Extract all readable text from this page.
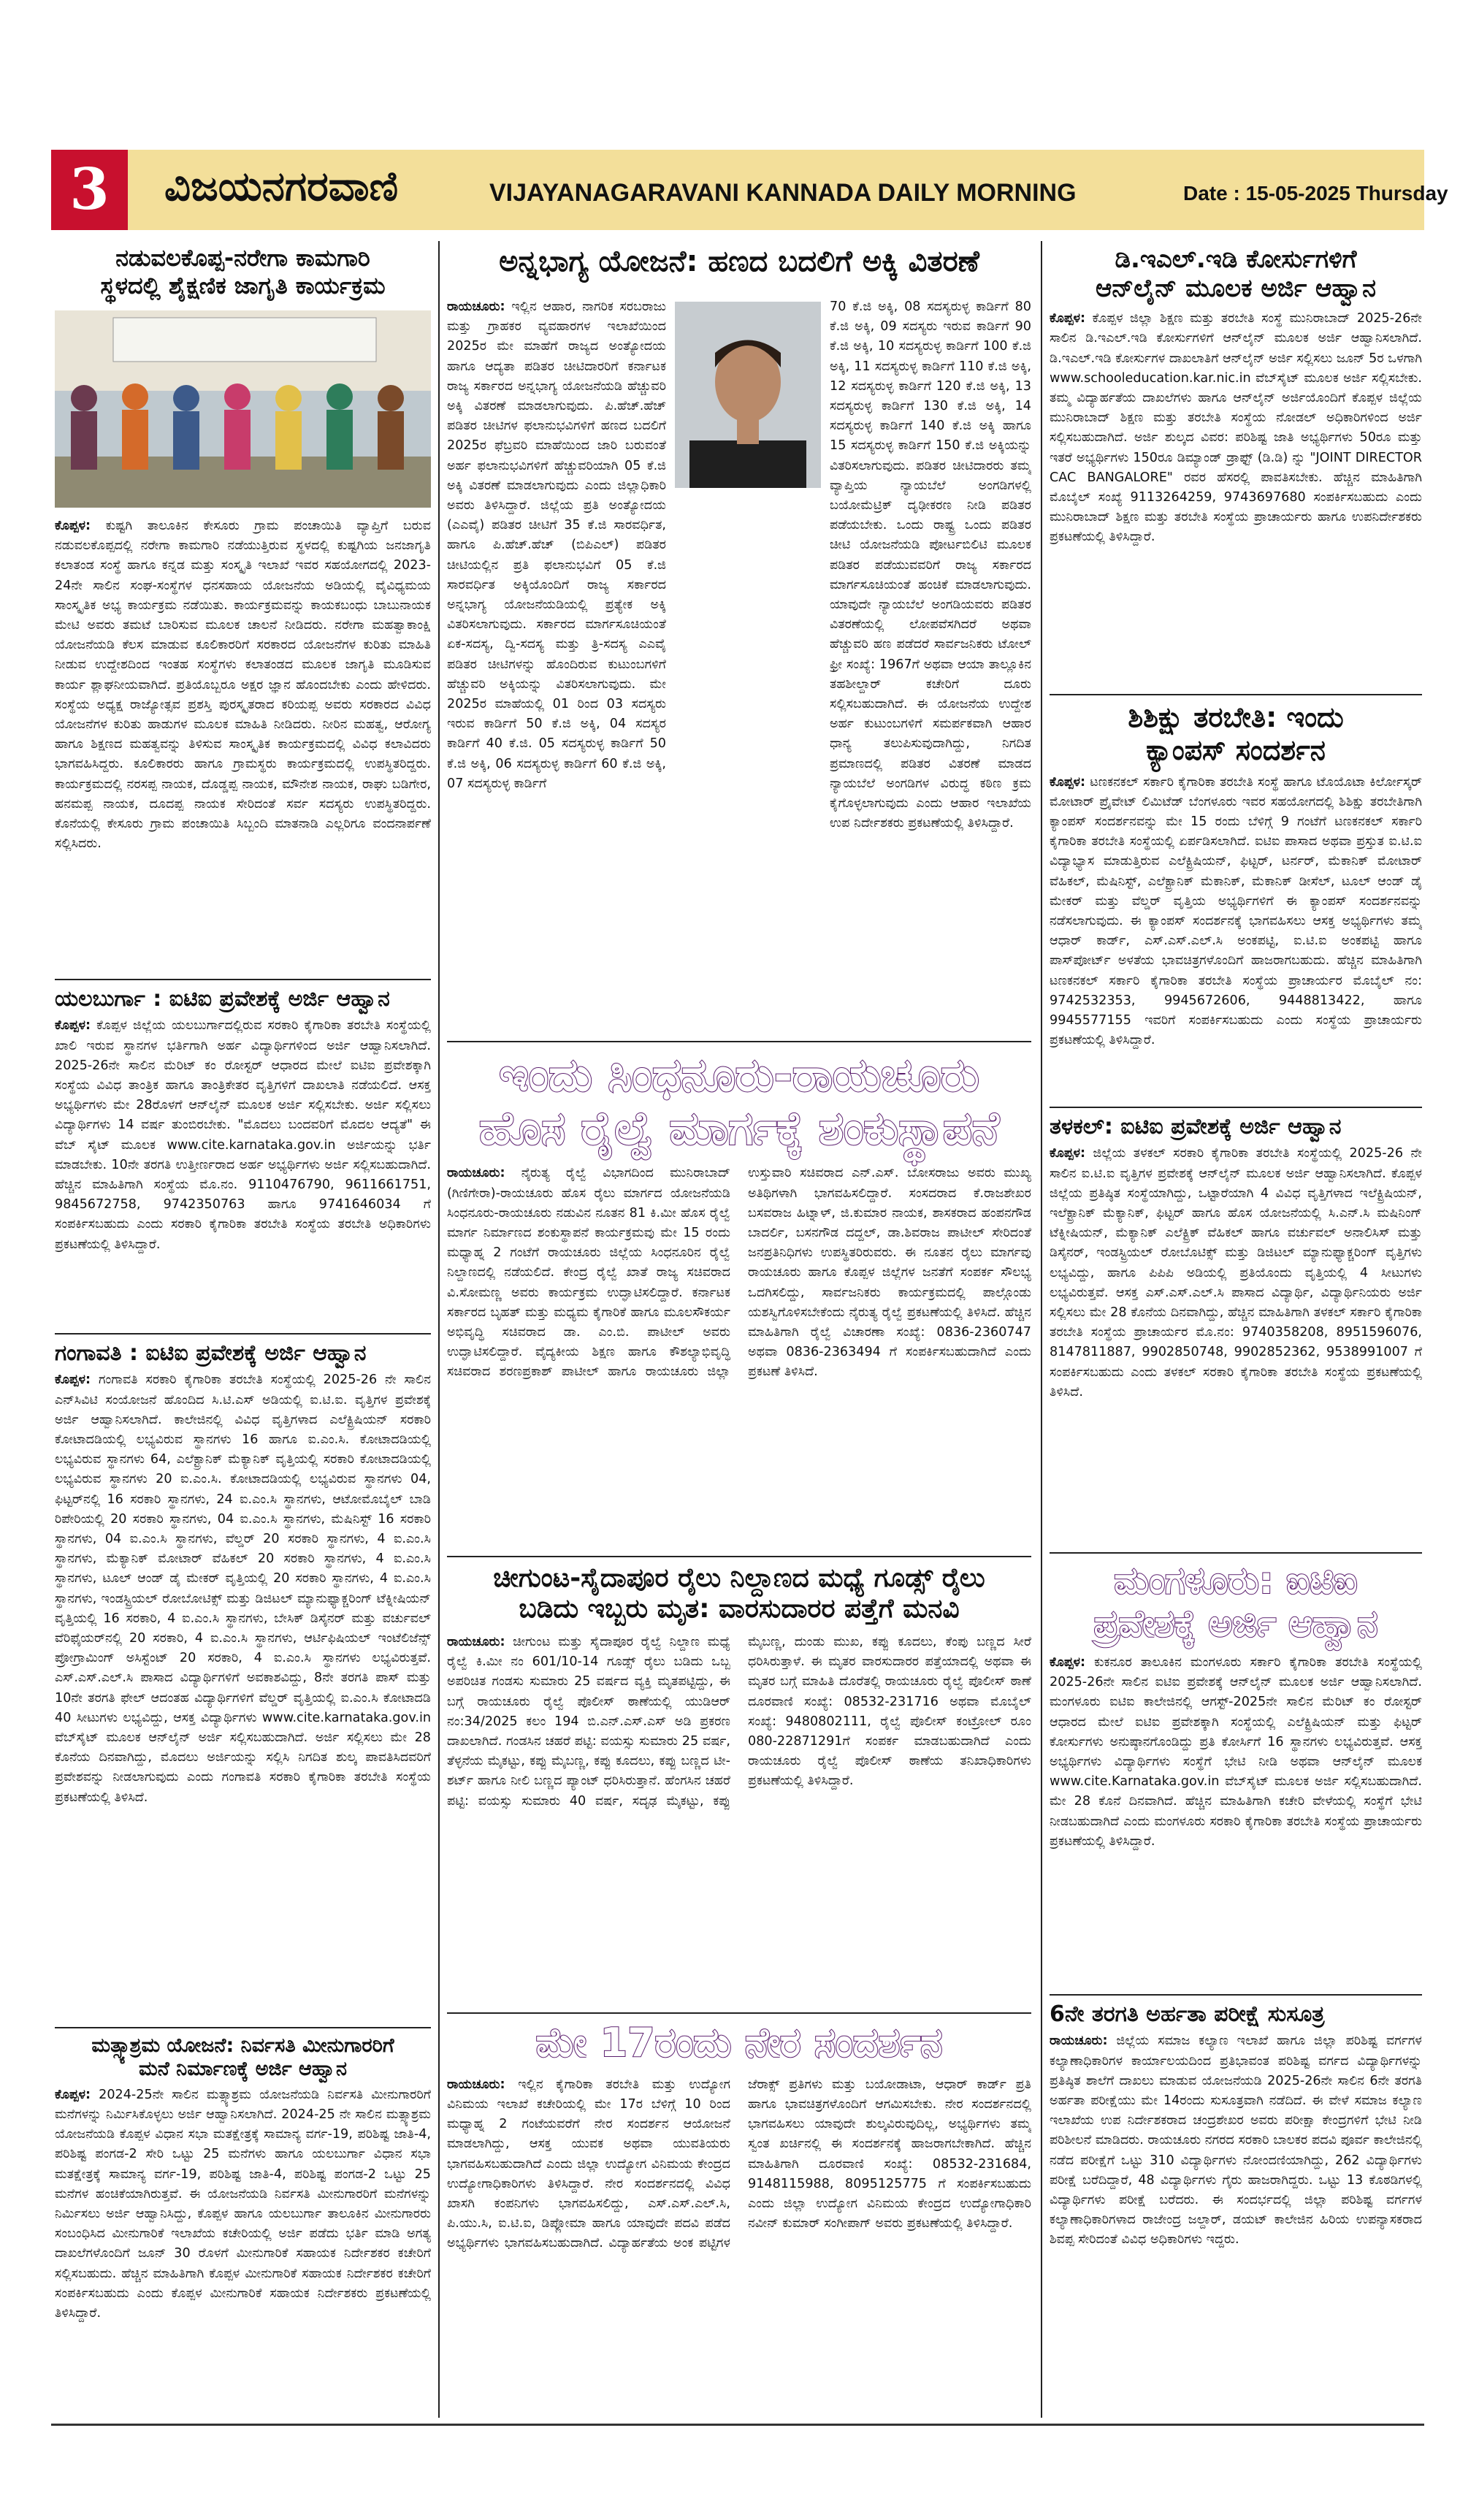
3	ವಿಜಯನಗರವಾಣಿ	VIJAYANAGARAVANI KANNADA DAILY MORNING	Date : 15-05-2025 Thursday
ನಡುವಲಕೊಪ್ಪ-ನರೇಗಾ ಕಾಮಗಾರಿ
ಸ್ಥಳದಲ್ಲಿ ಶೈಕ್ಷಣಿಕ ಜಾಗೃತಿ ಕಾರ್ಯಕ್ರಮ

ಕೊಪ್ಪಳ: ಕುಷ್ಟಗಿ ತಾಲೂಕಿನ ಕೇಸೂರು ಗ್ರಾಮ ಪಂಚಾಯಿತಿ ವ್ಯಾಪ್ತಿಗೆ ಬರುವ ನಡುವಲಕೊಪ್ಪದಲ್ಲಿ ನರೇಗಾ ಕಾಮಗಾರಿ ನಡೆಯುತ್ತಿರುವ ಸ್ಥಳದಲ್ಲಿ ಕುಷ್ಟಗಿಯ ಜನಜಾಗೃತಿ ಕಲಾತಂಡ ಸಂಸ್ಥೆ ಹಾಗೂ ಕನ್ನಡ ಮತ್ತು ಸಂಸ್ಕೃತಿ ಇಲಾಖೆ ಇವರ ಸಹಯೋಗದಲ್ಲಿ 2023-24ನೇ ಸಾಲಿನ ಸಂಘ-ಸಂಸ್ಥೆಗಳ ಧನಸಹಾಯ ಯೋಜನೆಯ ಅಡಿಯಲ್ಲಿ ವೈವಿಧ್ಯಮಯ ಸಾಂಸ್ಕೃತಿಕ ಅಭ್ಯ ಕಾರ್ಯಕ್ರಮ ನಡೆಯಿತು. ಕಾರ್ಯಕ್ರಮವನ್ನು ಕಾಯಕಬಂಧು ಬಾಬುನಾಯಕ ಮೇಟಿ ಅವರು ತಮಟೆ ಬಾರಿಸುವ ಮೂಲಕ ಚಾಲನೆ ನೀಡಿದರು. ನರೇಗಾ ಮಹತ್ವಾಕಾಂಕ್ಷಿ ಯೋಜನೆಯಡಿ ಕೆಲಸ ಮಾಡುವ ಕೂಲಿಕಾರರಿಗೆ ಸರಕಾರದ ಯೋಜನೆಗಳ ಕುರಿತು ಮಾಹಿತಿ ನೀಡುವ ಉದ್ದೇಶದಿಂದ ಇಂತಹ ಸಂಸ್ಥೆಗಳು ಕಲಾತಂಡದ ಮೂಲಕ ಜಾಗೃತಿ ಮೂಡಿಸುವ ಕಾರ್ಯ ಶ್ಲಾಘನೀಯವಾಗಿದೆ. ಪ್ರತಿಯೊಬ್ಬರೂ ಅಕ್ಷರ ಜ್ಞಾನ ಹೊಂದಬೇಕು ಎಂದು ಹೇಳಿದರು. ಸಂಸ್ಥೆಯ ಅಧ್ಯಕ್ಷ ರಾಜ್ಯೋತ್ಸವ ಪ್ರಶಸ್ತಿ ಪುರಸ್ಕೃತರಾದ ಕರಿಯಪ್ಪ ಅವರು ಸರಕಾರದ ವಿವಿಧ ಯೋಜನೆಗಳ ಕುರಿತು ಹಾಡುಗಳ ಮೂಲಕ ಮಾಹಿತಿ ನೀಡಿದರು. ನೀರಿನ ಮಹತ್ವ, ಆರೋಗ್ಯ ಹಾಗೂ ಶಿಕ್ಷಣದ ಮಹತ್ವವನ್ನು ತಿಳಿಸುವ ಸಾಂಸ್ಕೃತಿಕ ಕಾರ್ಯಕ್ರಮದಲ್ಲಿ ವಿವಿಧ ಕಲಾವಿದರು ಭಾಗವಹಿಸಿದ್ದರು. ಕೂಲಿಕಾರರು ಹಾಗೂ ಗ್ರಾಮಸ್ಥರು ಕಾರ್ಯಕ್ರಮದಲ್ಲಿ ಉಪಸ್ಥಿತರಿದ್ದರು. ಕಾರ್ಯಕ್ರಮದಲ್ಲಿ ನರಸಪ್ಪ ನಾಯಕ, ದೊಡ್ಡಪ್ಪ ನಾಯಕ, ಮೌನೇಶ ನಾಯಕ, ರಾಘು ಬಡಿಗೇರ, ಹನಮಪ್ಪ ನಾಯಕ, ದೂದಪ್ಪ ನಾಯಕ ಸೇರಿದಂತೆ ಸರ್ವ ಸದಸ್ಯರು ಉಪಸ್ಥಿತರಿದ್ದರು. ಕೊನೆಯಲ್ಲಿ ಕೇಸೂರು ಗ್ರಾಮ ಪಂಚಾಯಿತಿ ಸಿಬ್ಬಂದಿ ಮಾತನಾಡಿ ಎಲ್ಲರಿಗೂ ವಂದನಾರ್ಪಣೆ ಸಲ್ಲಿಸಿದರು.

ಯಲಬುರ್ಗಾ : ಐಟಿಐ ಪ್ರವೇಶಕ್ಕೆ ಅರ್ಜಿ ಆಹ್ವಾನ

ಕೊಪ್ಪಳ: ಕೊಪ್ಪಳ ಜಿಲ್ಲೆಯ ಯಲಬುರ್ಗಾದಲ್ಲಿರುವ ಸರಕಾರಿ ಕೈಗಾರಿಕಾ ತರಬೇತಿ ಸಂಸ್ಥೆಯಲ್ಲಿ ಖಾಲಿ ಇರುವ ಸ್ಥಾನಗಳ ಭರ್ತಿಗಾಗಿ ಅರ್ಹ ವಿದ್ಯಾರ್ಥಿಗಳಿಂದ ಅರ್ಜಿ ಆಹ್ವಾನಿಸಲಾಗಿದೆ. 2025-26ನೇ ಸಾಲಿನ ಮೆರಿಟ್ ಕಂ ರೋಸ್ಟರ್ ಆಧಾರದ ಮೇಲೆ ಐಟಿಐ ಪ್ರವೇಶಕ್ಕಾಗಿ ಸಂಸ್ಥೆಯ ವಿವಿಧ ತಾಂತ್ರಿಕ ಹಾಗೂ ತಾಂತ್ರಿಕೇತರ ವೃತ್ತಿಗಳಿಗೆ ದಾಖಲಾತಿ ನಡೆಯಲಿದೆ. ಆಸಕ್ತ ಅಭ್ಯರ್ಥಿಗಳು ಮೇ 28ರೊಳಗೆ ಆನ್‌ಲೈನ್ ಮೂಲಕ ಅರ್ಜಿ ಸಲ್ಲಿಸಬೇಕು. ಅರ್ಜಿ ಸಲ್ಲಿಸಲು ವಿದ್ಯಾರ್ಥಿಗಳು 14 ವರ್ಷ ತುಂಬಿರಬೇಕು. "ಮೊದಲು ಬಂದವರಿಗೆ ಮೊದಲ ಆದ್ಯತೆ" ಈ ವೆಬ್ ಸೈಟ್ ಮೂಲಕ www.cite.karnataka.gov.in ಅರ್ಜಿಯನ್ನು ಭರ್ತಿ ಮಾಡಬೇಕು. 10ನೇ ತರಗತಿ ಉತ್ತೀರ್ಣರಾದ ಅರ್ಹ ಅಭ್ಯರ್ಥಿಗಳು ಅರ್ಜಿ ಸಲ್ಲಿಸಬಹುದಾಗಿದೆ. ಹೆಚ್ಚಿನ ಮಾಹಿತಿಗಾಗಿ ಸಂಸ್ಥೆಯ ಮೊ.ನಂ. 9110476790, 9611661751, 9845672758, 9742350763 ಹಾಗೂ 9741646034 ಗೆ ಸಂಪರ್ಕಿಸಬಹುದು ಎಂದು ಸರಕಾರಿ ಕೈಗಾರಿಕಾ ತರಬೇತಿ ಸಂಸ್ಥೆಯ ತರಬೇತಿ ಅಧಿಕಾರಿಗಳು ಪ್ರಕಟಣೆಯಲ್ಲಿ ತಿಳಿಸಿದ್ದಾರೆ.

ಗಂಗಾವತಿ : ಐಟಿಐ ಪ್ರವೇಶಕ್ಕೆ ಅರ್ಜಿ ಆಹ್ವಾನ

ಕೊಪ್ಪಳ: ಗಂಗಾವತಿ ಸರಕಾರಿ ಕೈಗಾರಿಕಾ ತರಬೇತಿ ಸಂಸ್ಥೆಯಲ್ಲಿ 2025-26 ನೇ ಸಾಲಿನ ಎನ್‌ಸಿವಿಟಿ ಸಂಯೋಜನೆ ಹೊಂದಿದ ಸಿ.ಟಿ.ಎಸ್ ಅಡಿಯಲ್ಲಿ ಐ.ಟಿ.ಐ. ವೃತ್ತಿಗಳ ಪ್ರವೇಶಕ್ಕೆ ಅರ್ಜಿ ಆಹ್ವಾನಿಸಲಾಗಿದೆ. ಕಾಲೇಜಿನಲ್ಲಿ ವಿವಿಧ ವೃತ್ತಿಗಳಾದ ಎಲೆಕ್ಟ್ರಿಷಿಯನ್ ಸರಕಾರಿ ಕೋಟಾದಡಿಯಲ್ಲಿ ಲಭ್ಯವಿರುವ ಸ್ಥಾನಗಳು 16 ಹಾಗೂ ಐ.ಎಂ.ಸಿ. ಕೋಟಾದಡಿಯಲ್ಲಿ ಲಭ್ಯವಿರುವ ಸ್ಥಾನಗಳು 64, ಎಲೆಕ್ಟ್ರಾನಿಕ್ ಮೆಕ್ಯಾನಿಕ್ ವೃತ್ತಿಯಲ್ಲಿ ಸರಕಾರಿ ಕೋಟಾದಡಿಯಲ್ಲಿ ಲಭ್ಯವಿರುವ ಸ್ಥಾನಗಳು 20 ಐ.ಎಂ.ಸಿ. ಕೋಟಾದಡಿಯಲ್ಲಿ ಲಭ್ಯವಿರುವ ಸ್ಥಾನಗಳು 04, ಫಿಟ್ಟರ್‌ನಲ್ಲಿ 16 ಸರಕಾರಿ ಸ್ಥಾನಗಳು, 24 ಐ.ಎಂ.ಸಿ ಸ್ಥಾನಗಳು, ಆಟೋಮೊಬೈಲ್ ಬಾಡಿ ರಿಪೇರಿಯಲ್ಲಿ 20 ಸರಕಾರಿ ಸ್ಥಾನಗಳು, 04 ಐ.ಎಂ.ಸಿ ಸ್ಥಾನಗಳು, ಮೆಷಿನಿಸ್ಟ್ 16 ಸರಕಾರಿ ಸ್ಥಾನಗಳು, 04 ಐ.ಎಂ.ಸಿ ಸ್ಥಾನಗಳು, ವೆಲ್ಡರ್ 20 ಸರಕಾರಿ ಸ್ಥಾನಗಳು, 4 ಐ.ಎಂ.ಸಿ ಸ್ಥಾನಗಳು, ಮೆಕ್ಯಾನಿಕ್ ಮೋಟಾರ್ ವೆಹಿಕಲ್ 20 ಸರಕಾರಿ ಸ್ಥಾನಗಳು, 4 ಐ.ಎಂ.ಸಿ ಸ್ಥಾನಗಳು, ಟೂಲ್ ಆಂಡ್ ಡೈ ಮೇಕರ್ ವೃತ್ತಿಯಲ್ಲಿ 20 ಸರಕಾರಿ ಸ್ಥಾನಗಳು, 4 ಐ.ಎಂ.ಸಿ ಸ್ಥಾನಗಳು, ಇಂಡಸ್ಟ್ರಿಯಲ್ ರೋಬೋಟಿಕ್ಸ್ ಮತ್ತು ಡಿಜಿಟಲ್ ಮ್ಯಾನುಫ್ಯಾಕ್ಚರಿಂಗ್ ಟೆಕ್ನೀಷಿಯನ್ ವೃತ್ತಿಯಲ್ಲಿ 16 ಸರಕಾರಿ, 4 ಐ.ಎಂ.ಸಿ ಸ್ಥಾನಗಳು, ಬೇಸಿಕ್ ಡಿಸೈನರ್ ಮತ್ತು ವರ್ಚುವಲ್ ವೆರಿಫೈಯರ್‌ನಲ್ಲಿ 20 ಸರಕಾರಿ, 4 ಐ.ಎಂ.ಸಿ ಸ್ಥಾನಗಳು, ಆರ್ಟಿಫಿಷಿಯಲ್ ಇಂಟೆಲಿಜೆನ್ಸ್ ಪ್ರೋಗ್ರಾಮಿಂಗ್ ಅಸಿಸ್ಟೆಂಟ್ 20 ಸರಕಾರಿ, 4 ಐ.ಎಂ.ಸಿ ಸ್ಥಾನಗಳು ಲಭ್ಯವಿರುತ್ತವೆ. ಎಸ್.ಎಸ್.ಎಲ್.ಸಿ ಪಾಸಾದ ವಿದ್ಯಾರ್ಥಿಗಳಿಗೆ ಅವಕಾಶವಿದ್ದು, 8ನೇ ತರಗತಿ ಪಾಸ್ ಮತ್ತು 10ನೇ ತರಗತಿ ಫೇಲ್ ಆದಂತಹ ವಿದ್ಯಾರ್ಥಿಗಳಿಗೆ ವೆಲ್ಡರ್ ವೃತ್ತಿಯಲ್ಲಿ ಐ.ಎಂ.ಸಿ ಕೋಟಾದಡಿ 40 ಸೀಟುಗಳು ಲಭ್ಯವಿದ್ದು, ಆಸಕ್ತ ವಿದ್ಯಾರ್ಥಿಗಳು www.cite.karnataka.gov.in ವೆಬ್‌ಸೈಟ್ ಮೂಲಕ ಆನ್‌ಲೈನ್ ಅರ್ಜಿ ಸಲ್ಲಿಸಬಹುದಾಗಿದೆ. ಅರ್ಜಿ ಸಲ್ಲಿಸಲು ಮೇ 28 ಕೊನೆಯ ದಿನವಾಗಿದ್ದು, ಮೊದಲು ಅರ್ಜಿಯನ್ನು ಸಲ್ಲಿಸಿ ನಿಗದಿತ ಶುಲ್ಕ ಪಾವತಿಸಿದವರಿಗೆ ಪ್ರವೇಶವನ್ನು ನೀಡಲಾಗುವುದು ಎಂದು ಗಂಗಾವತಿ ಸರಕಾರಿ ಕೈಗಾರಿಕಾ ತರಬೇತಿ ಸಂಸ್ಥೆಯ ಪ್ರಕಟಣೆಯಲ್ಲಿ ತಿಳಿಸಿದೆ.

ಮತ್ಸ್ಯಾಶ್ರಮ ಯೋಜನೆ: ನಿರ್ವಸತಿ ಮೀನುಗಾರರಿಗೆ
ಮನೆ ನಿರ್ಮಾಣಕ್ಕೆ ಅರ್ಜಿ ಆಹ್ವಾನ

ಕೊಪ್ಪಳ: 2024-25ನೇ ಸಾಲಿನ ಮತ್ಸ್ಯಾಶ್ರಮ ಯೋಜನೆಯಡಿ ನಿರ್ವಸತಿ ಮೀನುಗಾರರಿಗೆ ಮನೆಗಳನ್ನು ನಿರ್ಮಿಸಿಕೊಳ್ಳಲು ಅರ್ಜಿ ಆಹ್ವಾನಿಸಲಾಗಿದೆ. 2024-25 ನೇ ಸಾಲಿನ ಮತ್ಸ್ಯಾಶ್ರಮ ಯೋಜನೆಯಡಿ ಕೊಪ್ಪಳ ವಿಧಾನ ಸಭಾ ಮತಕ್ಷೇತ್ರಕ್ಕೆ ಸಾಮಾನ್ಯ ವರ್ಗ-19, ಪರಿಶಿಷ್ಟ ಜಾತಿ-4, ಪರಿಶಿಷ್ಟ ಪಂಗಡ-2 ಸೇರಿ ಒಟ್ಟು 25 ಮನೆಗಳು ಹಾಗೂ ಯಲಬುರ್ಗಾ ವಿಧಾನ ಸಭಾ ಮತಕ್ಷೇತ್ರಕ್ಕೆ ಸಾಮಾನ್ಯ ವರ್ಗ-19, ಪರಿಶಿಷ್ಟ ಜಾತಿ-4, ಪರಿಶಿಷ್ಟ ಪಂಗಡ-2 ಒಟ್ಟು 25 ಮನೆಗಳ ಹಂಚಿಕೆಯಾಗಿರುತ್ತವೆ. ಈ ಯೋಜನೆಯಡಿ ನಿರ್ವಸತಿ ಮೀನುಗಾರರಿಗೆ ಮನೆಗಳನ್ನು ನಿರ್ಮಿಸಲು ಅರ್ಜಿ ಆಹ್ವಾನಿಸಿದ್ದು, ಕೊಪ್ಪಳ ಹಾಗೂ ಯಲಬುರ್ಗಾ ತಾಲೂಕಿನ ಮೀನುಗಾರರು ಸಂಬಂಧಿಸಿದ ಮೀನುಗಾರಿಕೆ ಇಲಾಖೆಯ ಕಚೇರಿಯಲ್ಲಿ ಅರ್ಜಿ ಪಡೆದು ಭರ್ತಿ ಮಾಡಿ ಅಗತ್ಯ ದಾಖಲೆಗಳೊಂದಿಗೆ ಜೂನ್ 30 ರೊಳಗೆ ಮೀನುಗಾರಿಕೆ ಸಹಾಯಕ ನಿರ್ದೇಶಕರ ಕಚೇರಿಗೆ ಸಲ್ಲಿಸಬಹುದು. ಹೆಚ್ಚಿನ ಮಾಹಿತಿಗಾಗಿ ಕೊಪ್ಪಳ ಮೀನುಗಾರಿಕೆ ಸಹಾಯಕ ನಿರ್ದೇಶಕರ ಕಚೇರಿಗೆ ಸಂಪರ್ಕಿಸಬಹುದು ಎಂದು ಕೊಪ್ಪಳ ಮೀನುಗಾರಿಕೆ ಸಹಾಯಕ ನಿರ್ದೇಶಕರು ಪ್ರಕಟಣೆಯಲ್ಲಿ ತಿಳಿಸಿದ್ದಾರೆ.

ಅನ್ನಭಾಗ್ಯ ಯೋಜನೆ: ಹಣದ ಬದಲಿಗೆ ಅಕ್ಕಿ ವಿತರಣೆ

ರಾಯಚೂರು: ಇಲ್ಲಿನ ಆಹಾರ, ನಾಗರಿಕ ಸರಬರಾಜು ಮತ್ತು ಗ್ರಾಹಕರ ವ್ಯವಹಾರಗಳ ಇಲಾಖೆಯಿಂದ 2025ರ ಮೇ ಮಾಹೆಗೆ ರಾಜ್ಯದ ಅಂತ್ಯೋದಯ ಹಾಗೂ ಆದ್ಯತಾ ಪಡಿತರ ಚೀಟಿದಾರರಿಗೆ ಕರ್ನಾಟಕ ರಾಜ್ಯ ಸರ್ಕಾರದ ಅನ್ನಭಾಗ್ಯ ಯೋಜನೆಯಡಿ ಹೆಚ್ಚುವರಿ ಅಕ್ಕಿ ವಿತರಣೆ ಮಾಡಲಾಗುವುದು. ಪಿ.ಹೆಚ್.ಹೆಚ್ ಪಡಿತರ ಚೀಟಿಗಳ ಫಲಾನುಭವಿಗಳಿಗೆ ಹಣದ ಬದಲಿಗೆ 2025ರ ಫೆಬ್ರವರಿ ಮಾಹೆಯಿಂದ ಜಾರಿ ಬರುವಂತೆ ಅರ್ಹ ಫಲಾನುಭವಿಗಳಿಗೆ ಹೆಚ್ಚುವರಿಯಾಗಿ 05 ಕೆ.ಜಿ ಅಕ್ಕಿ ವಿತರಣೆ ಮಾಡಲಾಗುವುದು ಎಂದು ಜಿಲ್ಲಾಧಿಕಾರಿ ಅವರು ತಿಳಿಸಿದ್ದಾರೆ. ಜಿಲ್ಲೆಯ ಪ್ರತಿ ಅಂತ್ಯೋದಯ (ಎಎವೈ) ಪಡಿತರ ಚೀಟಿಗೆ 35 ಕೆ.ಜಿ ಸಾರವರ್ಧಿತ, ಹಾಗೂ ಪಿ.ಹೆಚ್.ಹೆಚ್ (ಬಿಪಿಎಲ್) ಪಡಿತರ ಚೀಟಿಯಲ್ಲಿನ ಪ್ರತಿ ಫಲಾನುಭವಿಗೆ 05 ಕೆ.ಜಿ ಸಾರವರ್ಧಿತ ಅಕ್ಕಿಯೊಂದಿಗೆ ರಾಜ್ಯ ಸರ್ಕಾರದ ಅನ್ನಭಾಗ್ಯ ಯೋಜನೆಯಡಿಯಲ್ಲಿ ಪ್ರತ್ಯೇಕ ಅಕ್ಕಿ ವಿತರಿಸಲಾಗುವುದು. ಸರ್ಕಾರದ ಮಾರ್ಗಸೂಚಿಯಂತೆ ಏಕ-ಸದಸ್ಯ, ದ್ವಿ-ಸದಸ್ಯ ಮತ್ತು ತ್ರಿ-ಸದಸ್ಯ ಎಎವೈ ಪಡಿತರ ಚೀಟಿಗಳನ್ನು ಹೊಂದಿರುವ ಕುಟುಂಬಗಳಿಗೆ ಹೆಚ್ಚುವರಿ ಅಕ್ಕಿಯನ್ನು ವಿತರಿಸಲಾಗುವುದು. ಮೇ 2025ರ ಮಾಹೆಯಲ್ಲಿ 01 ರಿಂದ 03 ಸದಸ್ಯರು ಇರುವ ಕಾರ್ಡಿಗೆ 50 ಕೆ.ಜಿ ಅಕ್ಕಿ, 04 ಸದಸ್ಯರ ಕಾರ್ಡಿಗೆ 40 ಕೆ.ಜಿ. 05 ಸದಸ್ಯರುಳ್ಳ ಕಾರ್ಡಿಗೆ 50 ಕೆ.ಜಿ ಅಕ್ಕಿ, 06 ಸದಸ್ಯರುಳ್ಳ ಕಾರ್ಡಿಗೆ 60 ಕೆ.ಜಿ ಅಕ್ಕಿ, 07 ಸದಸ್ಯರುಳ್ಳ ಕಾರ್ಡಿಗೆ

70 ಕೆ.ಜಿ ಅಕ್ಕಿ, 08 ಸದಸ್ಯರುಳ್ಳ ಕಾರ್ಡಿಗೆ 80 ಕೆ.ಜಿ ಅಕ್ಕಿ, 09 ಸದಸ್ಯರು ಇರುವ ಕಾರ್ಡಿಗೆ 90 ಕೆ.ಜಿ ಅಕ್ಕಿ, 10 ಸದಸ್ಯರುಳ್ಳ ಕಾರ್ಡಿಗೆ 100 ಕೆ.ಜಿ ಅಕ್ಕಿ, 11 ಸದಸ್ಯರುಳ್ಳ ಕಾರ್ಡಿಗೆ 110 ಕೆ.ಜಿ ಅಕ್ಕಿ, 12 ಸದಸ್ಯರುಳ್ಳ ಕಾರ್ಡಿಗೆ 120 ಕೆ.ಜಿ ಅಕ್ಕಿ, 13 ಸದಸ್ಯರುಳ್ಳ ಕಾರ್ಡಿಗೆ 130 ಕೆ.ಜಿ ಅಕ್ಕಿ, 14 ಸದಸ್ಯರುಳ್ಳ ಕಾರ್ಡಿಗೆ 140 ಕೆ.ಜಿ ಅಕ್ಕಿ ಹಾಗೂ 15 ಸದಸ್ಯರುಳ್ಳ ಕಾರ್ಡಿಗೆ 150 ಕೆ.ಜಿ ಅಕ್ಕಿಯನ್ನು ವಿತರಿಸಲಾಗುವುದು. ಪಡಿತರ ಚೀಟಿದಾರರು ತಮ್ಮ ವ್ಯಾಪ್ತಿಯ ನ್ಯಾಯಬೆಲೆ ಅಂಗಡಿಗಳಲ್ಲಿ ಬಯೋಮೆಟ್ರಿಕ್ ದೃಢೀಕರಣ ನೀಡಿ ಪಡಿತರ ಪಡೆಯಬೇಕು. ಒಂದು ರಾಷ್ಟ್ರ ಒಂದು ಪಡಿತರ ಚೀಟಿ ಯೋಜನೆಯಡಿ ಪೋರ್ಟಬಿಲಿಟಿ ಮೂಲಕ ಪಡಿತರ ಪಡೆಯುವವರಿಗೆ ರಾಜ್ಯ ಸರ್ಕಾರದ ಮಾರ್ಗಸೂಚಿಯಂತೆ ಹಂಚಿಕೆ ಮಾಡಲಾಗುವುದು. ಯಾವುದೇ ನ್ಯಾಯಬೆಲೆ ಅಂಗಡಿಯವರು ಪಡಿತರ ವಿತರಣೆಯಲ್ಲಿ ಲೋಪವೆಸಗಿದರೆ ಅಥವಾ ಹೆಚ್ಚುವರಿ ಹಣ ಪಡೆದರೆ ಸಾರ್ವಜನಿಕರು ಟೋಲ್ ಫ್ರೀ ಸಂಖ್ಯೆ: 1967ಗೆ ಅಥವಾ ಆಯಾ ತಾಲ್ಲೂಕಿನ ತಹಶೀಲ್ದಾರ್ ಕಚೇರಿಗೆ ದೂರು ಸಲ್ಲಿಸಬಹುದಾಗಿದೆ. ಈ ಯೋಜನೆಯ ಉದ್ದೇಶ ಅರ್ಹ ಕುಟುಂಬಗಳಿಗೆ ಸಮರ್ಪಕವಾಗಿ ಆಹಾರ ಧಾನ್ಯ ತಲುಪಿಸುವುದಾಗಿದ್ದು, ನಿಗದಿತ ಪ್ರಮಾಣದಲ್ಲಿ ಪಡಿತರ ವಿತರಣೆ ಮಾಡದ ನ್ಯಾಯಬೆಲೆ ಅಂಗಡಿಗಳ ವಿರುದ್ಧ ಕಠಿಣ ಕ್ರಮ ಕೈಗೊಳ್ಳಲಾಗುವುದು ಎಂದು ಆಹಾರ ಇಲಾಖೆಯ ಉಪ ನಿರ್ದೇಶಕರು ಪ್ರಕಟಣೆಯಲ್ಲಿ ತಿಳಿಸಿದ್ದಾರೆ.

ಇಂದು ಸಿಂಧನೂರು-ರಾಯಚೂರು
ಹೊಸ ರೈಲ್ವೆ ಮಾರ್ಗಕ್ಕೆ ಶಂಕುಸ್ಥಾಪನೆ

ರಾಯಚೂರು: ನೈರುತ್ಯ ರೈಲ್ವೆ ವಿಭಾಗದಿಂದ ಮುನಿರಾಬಾದ್ (ಗಿಣಿಗೇರಾ)-ರಾಯಚೂರು ಹೊಸ ರೈಲು ಮಾರ್ಗದ ಯೋಜನೆಯಡಿ ಸಿಂಧನೂರು-ರಾಯಚೂರು ನಡುವಿನ ನೂತನ 81 ಕಿ.ಮೀ ಹೊಸ ರೈಲ್ವೆ ಮಾರ್ಗ ನಿರ್ಮಾಣದ ಶಂಕುಸ್ಥಾಪನೆ ಕಾರ್ಯಕ್ರಮವು ಮೇ 15 ರಂದು ಮಧ್ಯಾಹ್ನ 2 ಗಂಟೆಗೆ ರಾಯಚೂರು ಜಿಲ್ಲೆಯ ಸಿಂಧನೂರಿನ ರೈಲ್ವೆ ನಿಲ್ದಾಣದಲ್ಲಿ ನಡೆಯಲಿದೆ. ಕೇಂದ್ರ ರೈಲ್ವೆ ಖಾತೆ ರಾಜ್ಯ ಸಚಿವರಾದ ವಿ.ಸೋಮಣ್ಣ ಅವರು ಕಾರ್ಯಕ್ರಮ ಉದ್ಘಾಟಿಸಲಿದ್ದಾರೆ. ಕರ್ನಾಟಕ ಸರ್ಕಾರದ ಬೃಹತ್ ಮತ್ತು ಮಧ್ಯಮ ಕೈಗಾರಿಕೆ ಹಾಗೂ ಮೂಲಸೌಕರ್ಯ ಅಭಿವೃದ್ಧಿ ಸಚಿವರಾದ ಡಾ. ಎಂ.ಬಿ. ಪಾಟೀಲ್ ಅವರು ಉದ್ಘಾಟಿಸಲಿದ್ದಾರೆ. ವೈದ್ಯಕೀಯ ಶಿಕ್ಷಣ ಹಾಗೂ ಕೌಶಲ್ಯಾಭಿವೃದ್ಧಿ ಸಚಿವರಾದ ಶರಣಪ್ರಕಾಶ್ ಪಾಟೀಲ್ ಹಾಗೂ ರಾಯಚೂರು ಜಿಲ್ಲಾ ಉಸ್ತುವಾರಿ ಸಚಿವರಾದ ಎನ್.ಎಸ್. ಬೋಸರಾಜು ಅವರು ಮುಖ್ಯ ಅತಿಥಿಗಳಾಗಿ ಭಾಗವಹಿಸಲಿದ್ದಾರೆ. ಸಂಸದರಾದ ಕೆ.ರಾಜಶೇಖರ ಬಸವರಾಜ ಹಿಟ್ನಾಳ್, ಜಿ.ಕುಮಾರ ನಾಯಕ, ಶಾಸಕರಾದ ಹಂಪನಗೌಡ ಬಾದರ್ಲಿ, ಬಸನಗೌಡ ದದ್ದಲ್, ಡಾ.ಶಿವರಾಜ ಪಾಟೀಲ್ ಸೇರಿದಂತೆ ಜನಪ್ರತಿನಿಧಿಗಳು ಉಪಸ್ಥಿತರಿರುವರು. ಈ ನೂತನ ರೈಲು ಮಾರ್ಗವು ರಾಯಚೂರು ಹಾಗೂ ಕೊಪ್ಪಳ ಜಿಲ್ಲೆಗಳ ಜನತೆಗೆ ಸಂಪರ್ಕ ಸೌಲಭ್ಯ ಒದಗಿಸಲಿದ್ದು, ಸಾರ್ವಜನಿಕರು ಕಾರ್ಯಕ್ರಮದಲ್ಲಿ ಪಾಲ್ಗೊಂಡು ಯಶಸ್ವಿಗೊಳಿಸಬೇಕೆಂದು ನೈರುತ್ಯ ರೈಲ್ವೆ ಪ್ರಕಟಣೆಯಲ್ಲಿ ತಿಳಿಸಿದೆ. ಹೆಚ್ಚಿನ ಮಾಹಿತಿಗಾಗಿ ರೈಲ್ವೆ ವಿಚಾರಣಾ ಸಂಖ್ಯೆ: 0836-2360747 ಅಥವಾ 0836-2363494 ಗೆ ಸಂಪರ್ಕಿಸಬಹುದಾಗಿದೆ ಎಂದು ಪ್ರಕಟಣೆ ತಿಳಿಸಿದೆ.

ಚೀಗುಂಟ-ಸೈದಾಪೂರ ರೈಲು ನಿಲ್ದಾಣದ ಮಧ್ಯೆ ಗೂಡ್ಸ್ ರೈಲು
ಬಡಿದು ಇಬ್ಬರು ಮೃತ: ವಾರಸುದಾರರ ಪತ್ತೆಗೆ ಮನವಿ

ರಾಯಚೂರು: ಚೀಗುಂಟ ಮತ್ತು ಸೈದಾಪೂರ ರೈಲ್ವೆ ನಿಲ್ದಾಣ ಮಧ್ಯೆ ರೈಲ್ವೆ ಕಿ.ಮೀ ನಂ 601/10-14 ಗೂಡ್ಸ್ ರೈಲು ಬಡಿದು ಒಬ್ಬ ಅಪರಿಚಿತ ಗಂಡಸು ಸುಮಾರು 25 ವರ್ಷದ ವ್ಯಕ್ತಿ ಮೃತಪಟ್ಟಿದ್ದು, ಈ ಬಗ್ಗೆ ರಾಯಚೂರು ರೈಲ್ವೆ ಪೊಲೀಸ್ ಠಾಣೆಯಲ್ಲಿ ಯುಡಿಆರ್ ನಂ:34/2025 ಕಲಂ 194 ಬಿ.ಎನ್.ಎಸ್.ಎಸ್ ಅಡಿ ಪ್ರಕರಣ ದಾಖಲಾಗಿದೆ. ಗಂಡಸಿನ ಚಹರೆ ಪಟ್ಟಿ: ವಯಸ್ಸು ಸುಮಾರು 25 ವರ್ಷ, ತೆಳ್ಳನೆಯ ಮೈಕಟ್ಟು, ಕಪ್ಪು ಮೈಬಣ್ಣ, ಕಪ್ಪು ಕೂದಲು, ಕಪ್ಪು ಬಣ್ಣದ ಟೀ-ಶರ್ಟ್ ಹಾಗೂ ನೀಲಿ ಬಣ್ಣದ ಪ್ಯಾಂಟ್ ಧರಿಸಿರುತ್ತಾನೆ. ಹೆಂಗಸಿನ ಚಹರೆ ಪಟ್ಟಿ: ವಯಸ್ಸು ಸುಮಾರು 40 ವರ್ಷ, ಸದೃಢ ಮೈಕಟ್ಟು, ಕಪ್ಪು ಮೈಬಣ್ಣ, ದುಂಡು ಮುಖ, ಕಪ್ಪು ಕೂದಲು, ಕೆಂಪು ಬಣ್ಣದ ಸೀರೆ ಧರಿಸಿರುತ್ತಾಳೆ. ಈ ಮೃತರ ವಾರಸುದಾರರ ಪತ್ತೆಯಾದಲ್ಲಿ ಅಥವಾ ಈ ಮೃತರ ಬಗ್ಗೆ ಮಾಹಿತಿ ದೊರೆತಲ್ಲಿ ರಾಯಚೂರು ರೈಲ್ವೆ ಪೊಲೀಸ್ ಠಾಣೆ ದೂರವಾಣಿ ಸಂಖ್ಯೆ: 08532-231716 ಅಥವಾ ಮೊಬೈಲ್ ಸಂಖ್ಯೆ: 9480802111, ರೈಲ್ವೆ ಪೊಲೀಸ್ ಕಂಟ್ರೋಲ್ ರೂಂ 080-22871291ಗೆ ಸಂಪರ್ಕ ಮಾಡಬಹುದಾಗಿದೆ ಎಂದು ರಾಯಚೂರು ರೈಲ್ವೆ ಪೊಲೀಸ್ ಠಾಣೆಯ ತನಿಖಾಧಿಕಾರಿಗಳು ಪ್ರಕಟಣೆಯಲ್ಲಿ ತಿಳಿಸಿದ್ದಾರೆ.

ಮೇ 17ರಂದು ನೇರ ಸಂದರ್ಶನ

ರಾಯಚೂರು: ಇಲ್ಲಿನ ಕೈಗಾರಿಕಾ ತರಬೇತಿ ಮತ್ತು ಉದ್ಯೋಗ ವಿನಿಮಯ ಇಲಾಖೆ ಕಚೇರಿಯಲ್ಲಿ ಮೇ 17ರ ಬೆಳಿಗ್ಗೆ 10 ರಿಂದ ಮಧ್ಯಾಹ್ನ 2 ಗಂಟೆಯವರೆಗೆ ನೇರ ಸಂದರ್ಶನ ಆಯೋಜನೆ ಮಾಡಲಾಗಿದ್ದು, ಆಸಕ್ತ ಯುವಕ ಅಥವಾ ಯುವತಿಯರು ಭಾಗವಹಿಸಬಹುದಾಗಿದೆ ಎಂದು ಜಿಲ್ಲಾ ಉದ್ಯೋಗ ವಿನಿಮಯ ಕೇಂದ್ರದ ಉದ್ಯೋಗಾಧಿಕಾರಿಗಳು ತಿಳಿಸಿದ್ದಾರೆ. ನೇರ ಸಂದರ್ಶನದಲ್ಲಿ ವಿವಿಧ ಖಾಸಗಿ ಕಂಪನಿಗಳು ಭಾಗವಹಿಸಲಿದ್ದು, ಎಸ್.ಎಸ್.ಎಲ್.ಸಿ, ಪಿ.ಯು.ಸಿ, ಐ.ಟಿ.ಐ, ಡಿಪ್ಲೋಮಾ ಹಾಗೂ ಯಾವುದೇ ಪದವಿ ಪಡೆದ ಅಭ್ಯರ್ಥಿಗಳು ಭಾಗವಹಿಸಬಹುದಾಗಿದೆ. ವಿದ್ಯಾರ್ಹತೆಯ ಅಂಕ ಪಟ್ಟಿಗಳ ಜೆರಾಕ್ಸ್ ಪ್ರತಿಗಳು ಮತ್ತು ಬಯೋಡಾಟಾ, ಆಧಾರ್ ಕಾರ್ಡ್ ಪ್ರತಿ ಹಾಗೂ ಭಾವಚಿತ್ರಗಳೊಂದಿಗೆ ಆಗಮಿಸಬೇಕು. ನೇರ ಸಂದರ್ಶನದಲ್ಲಿ ಭಾಗವಹಿಸಲು ಯಾವುದೇ ಶುಲ್ಕವಿರುವುದಿಲ್ಲ, ಅಭ್ಯರ್ಥಿಗಳು ತಮ್ಮ ಸ್ವಂತ ಖರ್ಚಿನಲ್ಲಿ ಈ ಸಂದರ್ಶನಕ್ಕೆ ಹಾಜರಾಗಬೇಕಾಗಿದೆ. ಹೆಚ್ಚಿನ ಮಾಹಿತಿಗಾಗಿ ದೂರವಾಣಿ ಸಂಖ್ಯೆ: 08532-231684, 9148115988, 8095125775 ಗೆ ಸಂಪರ್ಕಿಸಬಹುದು ಎಂದು ಜಿಲ್ಲಾ ಉದ್ಯೋಗ ವಿನಿಮಯ ಕೇಂದ್ರದ ಉದ್ಯೋಗಾಧಿಕಾರಿ ನವೀನ್ ಕುಮಾರ್ ಸಂಗೀಪಾಗ್ ಅವರು ಪ್ರಕಟಣೆಯಲ್ಲಿ ತಿಳಿಸಿದ್ದಾರೆ.

ಡಿ.ಇಎಲ್.ಇಡಿ ಕೋರ್ಸುಗಳಿಗೆ
ಆನ್‌ಲೈನ್ ಮೂಲಕ ಅರ್ಜಿ ಆಹ್ವಾನ

ಕೊಪ್ಪಳ: ಕೊಪ್ಪಳ ಜಿಲ್ಲಾ ಶಿಕ್ಷಣ ಮತ್ತು ತರಬೇತಿ ಸಂಸ್ಥೆ ಮುನಿರಾಬಾದ್ 2025-26ನೇ ಸಾಲಿನ ಡಿ.ಇಎಲ್.ಇಡಿ ಕೋರ್ಸುಗಳಿಗೆ ಆನ್‌ಲೈನ್ ಮೂಲಕ ಅರ್ಜಿ ಆಹ್ವಾನಿಸಲಾಗಿದೆ. ಡಿ.ಇಎಲ್.ಇಡಿ ಕೋರ್ಸುಗಳ ದಾಖಲಾತಿಗೆ ಆನ್‌ಲೈನ್ ಅರ್ಜಿ ಸಲ್ಲಿಸಲು ಜೂನ್ 5ರ ಒಳಗಾಗಿ www.schooleducation.kar.nic.in ವೆಬ್‌ಸೈಟ್ ಮೂಲಕ ಅರ್ಜಿ ಸಲ್ಲಿಸಬೇಕು. ತಮ್ಮ ವಿದ್ಯಾರ್ಹತೆಯ ದಾಖಲೆಗಳು ಹಾಗೂ ಆನ್‌ಲೈನ್ ಅರ್ಜಿಯೊಂದಿಗೆ ಕೊಪ್ಪಳ ಜಿಲ್ಲೆಯ ಮುನಿರಾಬಾದ್ ಶಿಕ್ಷಣ ಮತ್ತು ತರಬೇತಿ ಸಂಸ್ಥೆಯ ನೋಡಲ್ ಅಧಿಕಾರಿಗಳಿಂದ ಅರ್ಜಿ ಸಲ್ಲಿಸಬಹುದಾಗಿದೆ. ಅರ್ಜಿ ಶುಲ್ಕದ ವಿವರ: ಪರಿಶಿಷ್ಟ ಜಾತಿ ಅಭ್ಯರ್ಥಿಗಳು 50ರೂ ಮತ್ತು ಇತರೆ ಅಭ್ಯರ್ಥಿಗಳು 150ರೂ ಡಿಮ್ಯಾಂಡ್ ಡ್ರಾಫ್ಟ್ (ಡಿ.ಡಿ) ನ್ನು "JOINT DIRECTOR CAC BANGALORE" ರವರ ಹೆಸರಲ್ಲಿ ಪಾವತಿಸಬೇಕು. ಹೆಚ್ಚಿನ ಮಾಹಿತಿಗಾಗಿ ಮೊಬೈಲ್ ಸಂಖ್ಯೆ 9113264259, 9743697680 ಸಂಪರ್ಕಿಸಬಹುದು ಎಂದು ಮುನಿರಾಬಾದ್ ಶಿಕ್ಷಣ ಮತ್ತು ತರಬೇತಿ ಸಂಸ್ಥೆಯ ಪ್ರಾಚಾರ್ಯರು ಹಾಗೂ ಉಪನಿರ್ದೇಶಕರು ಪ್ರಕಟಣೆಯಲ್ಲಿ ತಿಳಿಸಿದ್ದಾರೆ.

ಶಿಶಿಕ್ಷು ತರಬೇತಿ: ಇಂದು
ಕ್ಯಾಂಪಸ್ ಸಂದರ್ಶನ

ಕೊಪ್ಪಳ: ಟಣಕನಕಲ್ ಸರ್ಕಾರಿ ಕೈಗಾರಿಕಾ ತರಬೇತಿ ಸಂಸ್ಥೆ ಹಾಗೂ ಟೊಯೊಟಾ ಕಿರ್ಲೋಸ್ಕರ್ ಮೋಟಾರ್ ಪ್ರೈವೇಟ್ ಲಿಮಿಟೆಡ್ ಬೆಂಗಳೂರು ಇವರ ಸಹಯೋಗದಲ್ಲಿ ಶಿಶಿಕ್ಷು ತರಬೇತಿಗಾಗಿ ಕ್ಯಾಂಪಸ್ ಸಂದರ್ಶನವನ್ನು ಮೇ 15 ರಂದು ಬೆಳಿಗ್ಗೆ 9 ಗಂಟೆಗೆ ಟಣಕನಕಲ್ ಸರ್ಕಾರಿ ಕೈಗಾರಿಕಾ ತರಬೇತಿ ಸಂಸ್ಥೆಯಲ್ಲಿ ಏರ್ಪಡಿಸಲಾಗಿದೆ. ಐಟಿಐ ಪಾಸಾದ ಅಥವಾ ಪ್ರಸ್ತುತ ಐ.ಟಿ.ಐ ವಿದ್ಯಾಭ್ಯಾಸ ಮಾಡುತ್ತಿರುವ ಎಲೆಕ್ಟ್ರಿಷಿಯನ್, ಫಿಟ್ಟರ್, ಟರ್ನರ್, ಮೆಕಾನಿಕ್ ಮೋಟಾರ್ ವೆಹಿಕಲ್, ಮೆಷಿನಿಸ್ಟ್, ಎಲೆಕ್ಟ್ರಾನಿಕ್ ಮೆಕಾನಿಕ್, ಮೆಕಾನಿಕ್ ಡೀಸೆಲ್, ಟೂಲ್ ಆಂಡ್ ಡೈ ಮೇಕರ್ ಮತ್ತು ವೆಲ್ಡರ್ ವೃತ್ತಿಯ ಅಭ್ಯರ್ಥಿಗಳಿಗೆ ಈ ಕ್ಯಾಂಪಸ್ ಸಂದರ್ಶನವನ್ನು ನಡೆಸಲಾಗುವುದು. ಈ ಕ್ಯಾಂಪಸ್ ಸಂದರ್ಶನಕ್ಕೆ ಭಾಗವಹಿಸಲು ಆಸಕ್ತ ಅಭ್ಯರ್ಥಿಗಳು ತಮ್ಮ ಆಧಾರ್ ಕಾರ್ಡ್, ಎಸ್.ಎಸ್.ಎಲ್.ಸಿ ಅಂಕಪಟ್ಟಿ, ಐ.ಟಿ.ಐ ಅಂಕಪಟ್ಟಿ ಹಾಗೂ ಪಾಸ್‌ಪೋರ್ಟ್ ಅಳತೆಯ ಭಾವಚಿತ್ರಗಳೊಂದಿಗೆ ಹಾಜರಾಗಬಹುದು. ಹೆಚ್ಚಿನ ಮಾಹಿತಿಗಾಗಿ ಟಣಕನಕಲ್ ಸರ್ಕಾರಿ ಕೈಗಾರಿಕಾ ತರಬೇತಿ ಸಂಸ್ಥೆಯ ಪ್ರಾಚಾರ್ಯರ ಮೊಬೈಲ್ ನಂ: 9742532353, 9945672606, 9448813422, ಹಾಗೂ 9945577155 ಇವರಿಗೆ ಸಂಪರ್ಕಿಸಬಹುದು ಎಂದು ಸಂಸ್ಥೆಯ ಪ್ರಾಚಾರ್ಯರು ಪ್ರಕಟಣೆಯಲ್ಲಿ ತಿಳಿಸಿದ್ದಾರೆ.

ತಳಕಲ್: ಐಟಿಐ ಪ್ರವೇಶಕ್ಕೆ ಅರ್ಜಿ ಆಹ್ವಾನ

ಕೊಪ್ಪಳ: ಜಿಲ್ಲೆಯ ತಳಕಲ್ ಸರಕಾರಿ ಕೈಗಾರಿಕಾ ತರಬೇತಿ ಸಂಸ್ಥೆಯಲ್ಲಿ 2025-26 ನೇ ಸಾಲಿನ ಐ.ಟಿ.ಐ ವೃತ್ತಿಗಳ ಪ್ರವೇಶಕ್ಕೆ ಆನ್‌ಲೈನ್ ಮೂಲಕ ಅರ್ಜಿ ಆಹ್ವಾನಿಸಲಾಗಿದೆ. ಕೊಪ್ಪಳ ಜಿಲ್ಲೆಯ ಪ್ರತಿಷ್ಠಿತ ಸಂಸ್ಥೆಯಾಗಿದ್ದು, ಒಟ್ಟಾರೆಯಾಗಿ 4 ವಿವಿಧ ವೃತ್ತಿಗಳಾದ ಇಲೆಕ್ಟ್ರಿಷಿಯನ್, ಇಲೆಕ್ಟ್ರಾನಿಕ್ ಮೆಕ್ಯಾನಿಕ್, ಫಿಟ್ಟರ್ ಹಾಗೂ ಹೊಸ ಯೋಜನೆಯಲ್ಲಿ ಸಿ.ಎನ್.ಸಿ ಮಷಿನಿಂಗ್ ಟೆಕ್ನೀಷಿಯನ್, ಮೆಕ್ಯಾನಿಕ್ ಎಲೆಕ್ಟ್ರಿಕ್ ವೆಹಿಕಲ್ ಹಾಗೂ ವರ್ಚುವಲ್ ಅನಾಲಿಸಿಸ್ ಮತ್ತು ಡಿಸೈನರ್, ಇಂಡಸ್ಟ್ರಿಯಲ್ ರೋಬೊಟಿಕ್ಸ್ ಮತ್ತು ಡಿಜಿಟಲ್ ಮ್ಯಾನುಫ್ಯಾಕ್ಚರಿಂಗ್ ವೃತ್ತಿಗಳು ಲಭ್ಯವಿದ್ದು, ಹಾಗೂ ಪಿಪಿಪಿ ಅಡಿಯಲ್ಲಿ ಪ್ರತಿಯೊಂದು ವೃತ್ತಿಯಲ್ಲಿ 4 ಸೀಟುಗಳು ಲಭ್ಯವಿರುತ್ತವೆ. ಆಸಕ್ತ ಎಸ್.ಎಸ್.ಎಲ್.ಸಿ ಪಾಸಾದ ವಿದ್ಯಾರ್ಥಿ, ವಿದ್ಯಾರ್ಥಿನಿಯರು ಅರ್ಜಿ ಸಲ್ಲಿಸಲು ಮೇ 28 ಕೊನೆಯ ದಿನವಾಗಿದ್ದು, ಹೆಚ್ಚಿನ ಮಾಹಿತಿಗಾಗಿ ತಳಕಲ್ ಸರ್ಕಾರಿ ಕೈಗಾರಿಕಾ ತರಬೇತಿ ಸಂಸ್ಥೆಯ ಪ್ರಾಚಾರ್ಯರ ಮೊ.ನಂ: 9740358208, 8951596076, 8147811887, 9902850748, 9902852362, 9538991007 ಗೆ ಸಂಪರ್ಕಿಸಬಹುದು ಎಂದು ತಳಕಲ್ ಸರಕಾರಿ ಕೈಗಾರಿಕಾ ತರಬೇತಿ ಸಂಸ್ಥೆಯ ಪ್ರಕಟಣೆಯಲ್ಲಿ ತಿಳಿಸಿದೆ.

ಮಂಗಳೂರು: ಐಟಿಐ
ಪ್ರವೇಶಕ್ಕೆ ಅರ್ಜಿ ಆಹ್ವಾನ

ಕೊಪ್ಪಳ: ಕುಕನೂರ ತಾಲೂಕಿನ ಮಂಗಳೂರು ಸರ್ಕಾರಿ ಕೈಗಾರಿಕಾ ತರಬೇತಿ ಸಂಸ್ಥೆಯಲ್ಲಿ 2025-26ನೇ ಸಾಲಿನ ಐಟಿಐ ಪ್ರವೇಶಕ್ಕೆ ಆನ್‌ಲೈನ್ ಮೂಲಕ ಅರ್ಜಿ ಆಹ್ವಾನಿಸಲಾಗಿದೆ. ಮಂಗಳೂರು ಐಟಿಐ ಕಾಲೇಜಿನಲ್ಲಿ ಆಗಸ್ಟ್-2025ನೇ ಸಾಲಿನ ಮೆರಿಟ್ ಕಂ ರೋಸ್ಟರ್ ಆಧಾರದ ಮೇಲೆ ಐಟಿಐ ಪ್ರವೇಶಕ್ಕಾಗಿ ಸಂಸ್ಥೆಯಲ್ಲಿ ಎಲೆಕ್ಟ್ರಿಷಿಯನ್ ಮತ್ತು ಫಿಟ್ಟರ್ ಕೋರ್ಸುಗಳು ಅನುಷ್ಠಾನಗೊಂಡಿದ್ದು ಪ್ರತಿ ಕೋರ್ಸಿಗೆ 16 ಸ್ಥಾನಗಳು ಲಭ್ಯವಿರುತ್ತವೆ. ಆಸಕ್ತ ಅಭ್ಯರ್ಥಿಗಳು ವಿದ್ಯಾರ್ಥಿಗಳು ಸಂಸ್ಥೆಗೆ ಭೇಟಿ ನೀಡಿ ಅಥವಾ ಆನ್‌ಲೈನ್ ಮೂಲಕ www.cite.Karnataka.gov.in ವೆಬ್‌ಸೈಟ್ ಮೂಲಕ ಅರ್ಜಿ ಸಲ್ಲಿಸಬಹುದಾಗಿದೆ. ಮೇ 28 ಕೊನೆ ದಿನವಾಗಿದೆ. ಹೆಚ್ಚಿನ ಮಾಹಿತಿಗಾಗಿ ಕಚೇರಿ ವೇಳೆಯಲ್ಲಿ ಸಂಸ್ಥೆಗೆ ಭೇಟಿ ನೀಡಬಹುದಾಗಿದೆ ಎಂದು ಮಂಗಳೂರು ಸರಕಾರಿ ಕೈಗಾರಿಕಾ ತರಬೇತಿ ಸಂಸ್ಥೆಯ ಪ್ರಾಚಾರ್ಯರು ಪ್ರಕಟಣೆಯಲ್ಲಿ ತಿಳಿಸಿದ್ದಾರೆ.

6ನೇ ತರಗತಿ ಅರ್ಹತಾ ಪರೀಕ್ಷೆ ಸುಸೂತ್ರ

ರಾಯಚೂರು: ಜಿಲ್ಲೆಯ ಸಮಾಜ ಕಲ್ಯಾಣ ಇಲಾಖೆ ಹಾಗೂ ಜಿಲ್ಲಾ ಪರಿಶಿಷ್ಟ ವರ್ಗಗಳ ಕಲ್ಯಾಣಾಧಿಕಾರಿಗಳ ಕಾರ್ಯಾಲಯದಿಂದ ಪ್ರತಿಭಾವಂತ ಪರಿಶಿಷ್ಟ ವರ್ಗದ ವಿದ್ಯಾರ್ಥಿಗಳನ್ನು ಪ್ರತಿಷ್ಠಿತ ಶಾಲೆಗೆ ದಾಖಲು ಮಾಡುವ ಯೋಜನೆಯಡಿ 2025-26ನೇ ಸಾಲಿನ 6ನೇ ತರಗತಿ ಅರ್ಹತಾ ಪರೀಕ್ಷೆಯು ಮೇ 14ರಂದು ಸುಸೂತ್ರವಾಗಿ ನಡೆದಿದೆ. ಈ ವೇಳೆ ಸಮಾಜ ಕಲ್ಯಾಣ ಇಲಾಖೆಯ ಉಪ ನಿರ್ದೇಶಕರಾದ ಚಂದ್ರಶೇಖರ ಅವರು ಪರೀಕ್ಷಾ ಕೇಂದ್ರಗಳಿಗೆ ಭೇಟಿ ನೀಡಿ ಪರಿಶೀಲನೆ ಮಾಡಿದರು. ರಾಯಚೂರು ನಗರದ ಸರಕಾರಿ ಬಾಲಕರ ಪದವಿ ಪೂರ್ವ ಕಾಲೇಜಿನಲ್ಲಿ ನಡೆದ ಪರೀಕ್ಷೆಗೆ ಒಟ್ಟು 310 ವಿದ್ಯಾರ್ಥಿಗಳು ನೋಂದಣಿಯಾಗಿದ್ದು, 262 ವಿದ್ಯಾರ್ಥಿಗಳು ಪರೀಕ್ಷೆ ಬರೆದಿದ್ದಾರೆ, 48 ವಿದ್ಯಾರ್ಥಿಗಳು ಗೈರು ಹಾಜರಾಗಿದ್ದರು. ಒಟ್ಟು 13 ಕೊಠಡಿಗಳಲ್ಲಿ ವಿದ್ಯಾರ್ಥಿಗಳು ಪರೀಕ್ಷೆ ಬರೆದರು. ಈ ಸಂದರ್ಭದಲ್ಲಿ ಜಿಲ್ಲಾ ಪರಿಶಿಷ್ಟ ವರ್ಗಗಳ ಕಲ್ಯಾಣಾಧಿಕಾರಿಗಳಾದ ರಾಜೇಂದ್ರ ಜಲ್ದಾರ್, ಡಯಟ್ ಕಾಲೇಜಿನ ಹಿರಿಯ ಉಪನ್ಯಾಸಕರಾದ ಶಿವಪ್ಪ ಸೇರಿದಂತೆ ವಿವಿಧ ಅಧಿಕಾರಿಗಳು ಇದ್ದರು.
